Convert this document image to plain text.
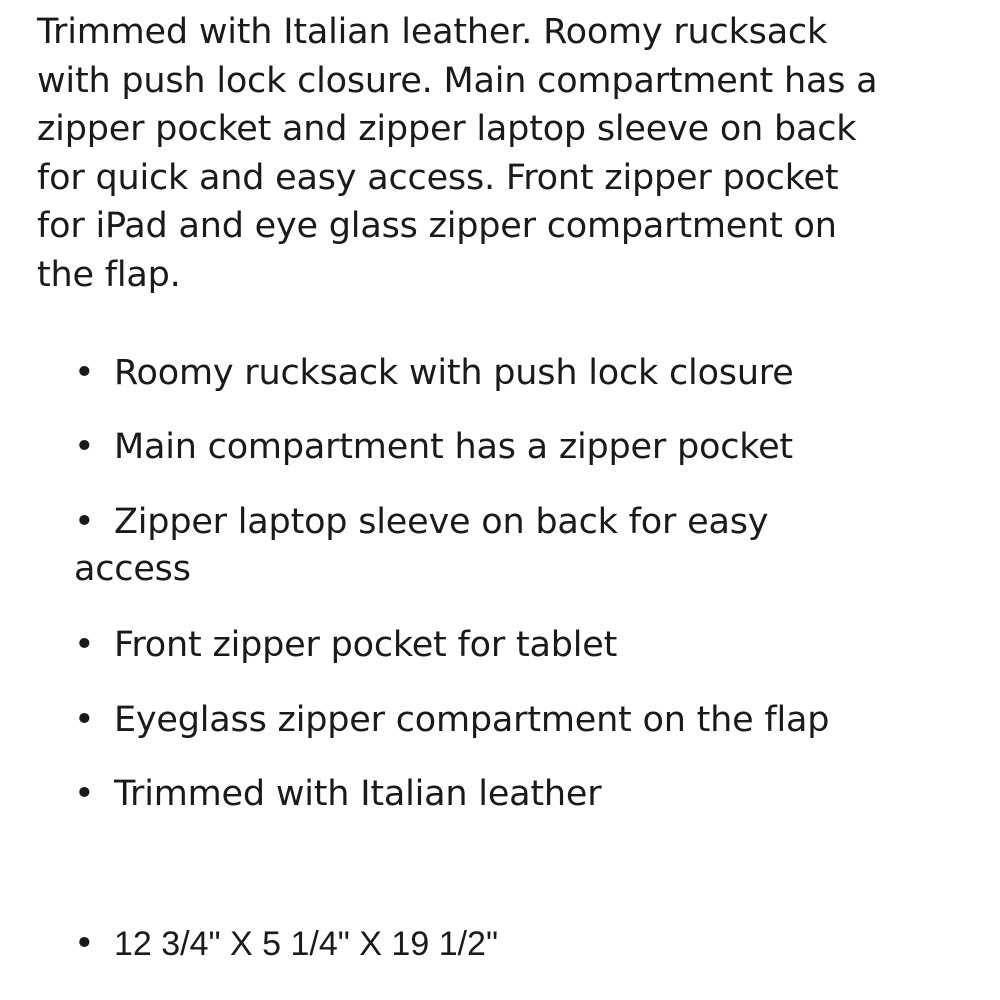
Trimmed with Italian leather. Roomy rucksack
with push lock closure. Main compartment has a
zipper pocket and zipper laptop sleeve on back
for quick and easy access. Front zipper pocket
for iPad and eye glass zipper compartment on
the flap.

• Roomy rucksack with push lock closure

• Main compartment has a zipper pocket

• Zipper laptop sleeve on back for easy
access

• Front zipper pocket for tablet

• Eyeglass zipper compartment on the flap

• Trimmed with Italian leather

• 12 3/4" X 5 1/4" X 19 1/2"
